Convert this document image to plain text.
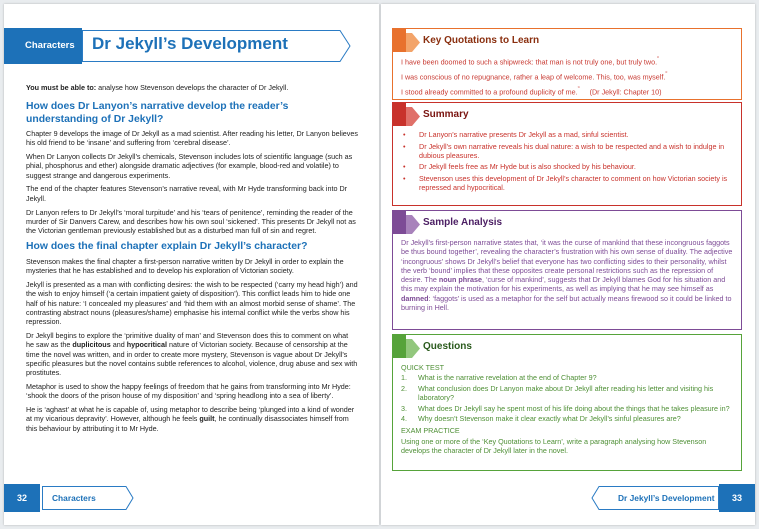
Characters	Dr Jekyll’s Development
You must be able to: analyse how Stevenson develops the character of Dr Jekyll.
How does Dr Lanyon’s narrative develop the reader’s understanding of Dr Jekyll?

Chapter 9 develops the image of Dr Jekyll as a mad scientist. After reading his letter, Dr Lanyon believes his old friend to be ‘insane’ and suffering from ‘cerebral disease’.

When Dr Lanyon collects Dr Jekyll’s chemicals, Stevenson includes lots of scientific language (such as phial, phosphorus and ether) alongside dramatic adjectives (for example, blood-red and volatile) to suggest strange and dangerous experiments.

The end of the chapter features Stevenson’s narrative reveal, with Mr Hyde transforming back into Dr Jekyll.

Dr Lanyon refers to Dr Jekyll’s ‘moral turpitude’ and his ‘tears of penitence’, reminding the reader of the murder of Sir Danvers Carew, and describes how his own soul ‘sickened’. This presents Dr Jekyll not as the Victorian gentleman previously established but as a disturbed man full of sin and regret.

How does the final chapter explain Dr Jekyll’s character?

Stevenson makes the final chapter a first-person narrative written by Dr Jekyll in order to explain the mysteries that he has established and to develop his exploration of Victorian society.

Jekyll is presented as a man with conflicting desires: the wish to be respected (‘carry my head high’) and the wish to enjoy himself (‘a certain impatient gaiety of disposition’). This conflict leads him to hide one half of his nature: ‘I concealed my pleasures’ and ‘hid them with an almost morbid sense of shame’. The contrasting abstract nouns (pleasures/shame) emphasise his internal conflict while the verbs show his repression.

Dr Jekyll begins to explore the ‘primitive duality of man’ and Stevenson does this to comment on what he saw as the duplicitous and hypocritical nature of Victorian society. Because of censorship at the time the novel was written, and in order to create more mystery, Stevenson is vague about Dr Jekyll’s specific pleasures but the novel contains subtle references to alcohol, violence, drug abuse and sex with prostitutes.

Metaphor is used to show the happy feelings of freedom that he gains from transforming into Mr Hyde: ‘shook the doors of the prison house of my disposition’ and ‘spring headlong into a sea of liberty’.

He is ‘aghast’ at what he is capable of, using metaphor to describe being ‘plunged into a kind of wonder at my vicarious depravity’. However, although he feels guilt, he continually disassociates himself from this behaviour by attributing it to Mr Hyde.

32	Characters
Key Quotations to Learn

I have been doomed to such a shipwreck: that man is not truly one, but truly two.”

I was conscious of no repugnance, rather a leap of welcome. This, too, was myself.”

I stood already committed to a profound duplicity of me.” (Dr Jekyll: Chapter 10)

Summary
• Dr Lanyon’s narrative presents Dr Jekyll as a mad, sinful scientist.
• Dr Jekyll’s own narrative reveals his dual nature: a wish to be respected and a wish to indulge in dubious pleasures.
• Dr Jekyll feels free as Mr Hyde but is also shocked by his behaviour.
• Stevenson uses this development of Dr Jekyll’s character to comment on how Victorian society is repressed and hypocritical.
Sample Analysis

Dr Jekyll’s first-person narrative states that, ‘it was the curse of mankind that these incongruous faggots be thus bound together’, revealing the character’s frustration with his own sense of duality. The adjective ‘incongruous’ shows Dr Jekyll’s belief that everyone has two conflicting sides to their personality, whilst the verb ‘bound’ implies that these opposites create personal restrictions such as the repression of desire. The noun phrase, ‘curse of mankind’, suggests that Dr Jekyll blames God for his situation and this may explain the motivation for his experiments, as well as implying that he may see himself as damned: ‘faggots’ is used as a metaphor for the self but actually means firewood so it could be linked to burning in Hell.

Questions
QUICK TEST
1. What is the narrative revelation at the end of Chapter 9?
2. What conclusion does Dr Lanyon make about Dr Jekyll after reading his letter and visiting his laboratory?
3. What does Dr Jekyll say he spent most of his life doing about the things that he takes pleasure in?
4. Why doesn’t Stevenson make it clear exactly what Dr Jekyll’s sinful pleasures are?
EXAM PRACTICE

Using one or more of the ‘Key Quotations to Learn’, write a paragraph analysing how Stevenson develops the character of Dr Jekyll later in the novel.

Dr Jekyll’s Development	33
